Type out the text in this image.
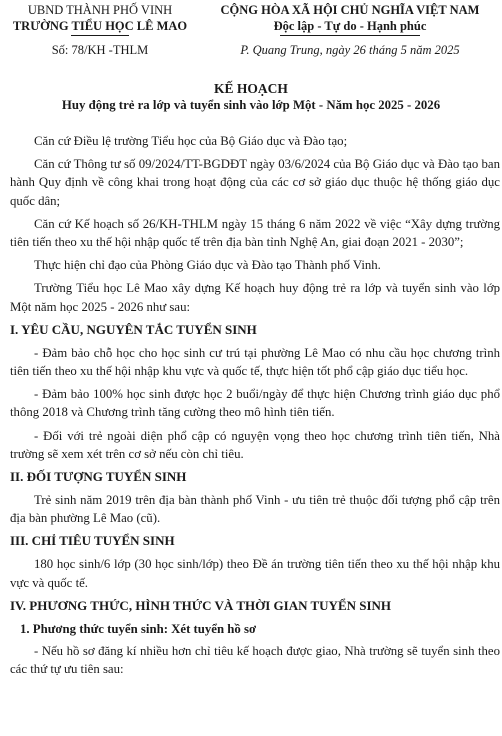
UBND THÀNH PHỐ VINH
TRƯỜNG TIỂU HỌC LÊ MAO
Số: 78/KH -THLM
CỘNG HÒA XÃ HỘI CHỦ NGHĨA VIỆT NAM
Độc lập - Tự do - Hạnh phúc
P. Quang Trung, ngày 26 tháng 5 năm 2025
KẾ HOẠCH
Huy động trẻ ra lớp và tuyển sinh vào lớp Một - Năm học 2025 - 2026

Căn cứ Điều lệ trường Tiểu học của Bộ Giáo dục và Đào tạo;

Căn cứ Thông tư số 09/2024/TT-BGDĐT ngày 03/6/2024 của Bộ Giáo dục và Đào tạo ban hành Quy định về công khai trong hoạt động của các cơ sở giáo dục thuộc hệ thống giáo dục quốc dân;

Căn cứ Kế hoạch số 26/KH-THLM ngày 15 tháng 6 năm 2022 về việc “Xây dựng trường tiên tiến theo xu thế hội nhập quốc tế trên địa bàn tỉnh Nghệ An, giai đoạn 2021 - 2030”;

Thực hiện chỉ đạo của Phòng Giáo dục và Đào tạo Thành phố Vinh.

Trường Tiểu học Lê Mao xây dựng Kế hoạch huy động trẻ ra lớp và tuyển sinh vào lớp Một năm học 2025 - 2026 như sau:

I. YÊU CẦU, NGUYÊN TẮC TUYỂN SINH

- Đảm bảo chỗ học cho học sinh cư trú tại phường Lê Mao có nhu cầu học chương trình tiên tiến theo xu thế hội nhập khu vực và quốc tế, thực hiện tốt phổ cập giáo dục tiểu học.

- Đảm bảo 100% học sinh được học 2 buổi/ngày để thực hiện Chương trình giáo dục phổ thông 2018 và Chương trình tăng cường theo mô hình tiên tiến.

- Đối với trẻ ngoài diện phổ cập có nguyện vọng theo học chương trình tiên tiến, Nhà trường sẽ xem xét trên cơ sở nếu còn chỉ tiêu.

II. ĐỐI TƯỢNG TUYỂN SINH

Trẻ sinh năm 2019 trên địa bàn thành phố Vinh - ưu tiên trẻ thuộc đối tượng phổ cập trên địa bàn phường Lê Mao (cũ).

III. CHỈ TIÊU TUYỂN SINH

180 học sinh/6 lớp (30 học sinh/lớp) theo Đề án trường tiên tiến theo xu thế hội nhập khu vực và quốc tế.

IV. PHƯƠNG THỨC, HÌNH THỨC VÀ THỜI GIAN TUYỂN SINH
1. Phương thức tuyển sinh: Xét tuyển hồ sơ

- Nếu hồ sơ đăng kí nhiều hơn chỉ tiêu kế hoạch được giao, Nhà trường sẽ tuyển sinh theo các thứ tự ưu tiên sau:
